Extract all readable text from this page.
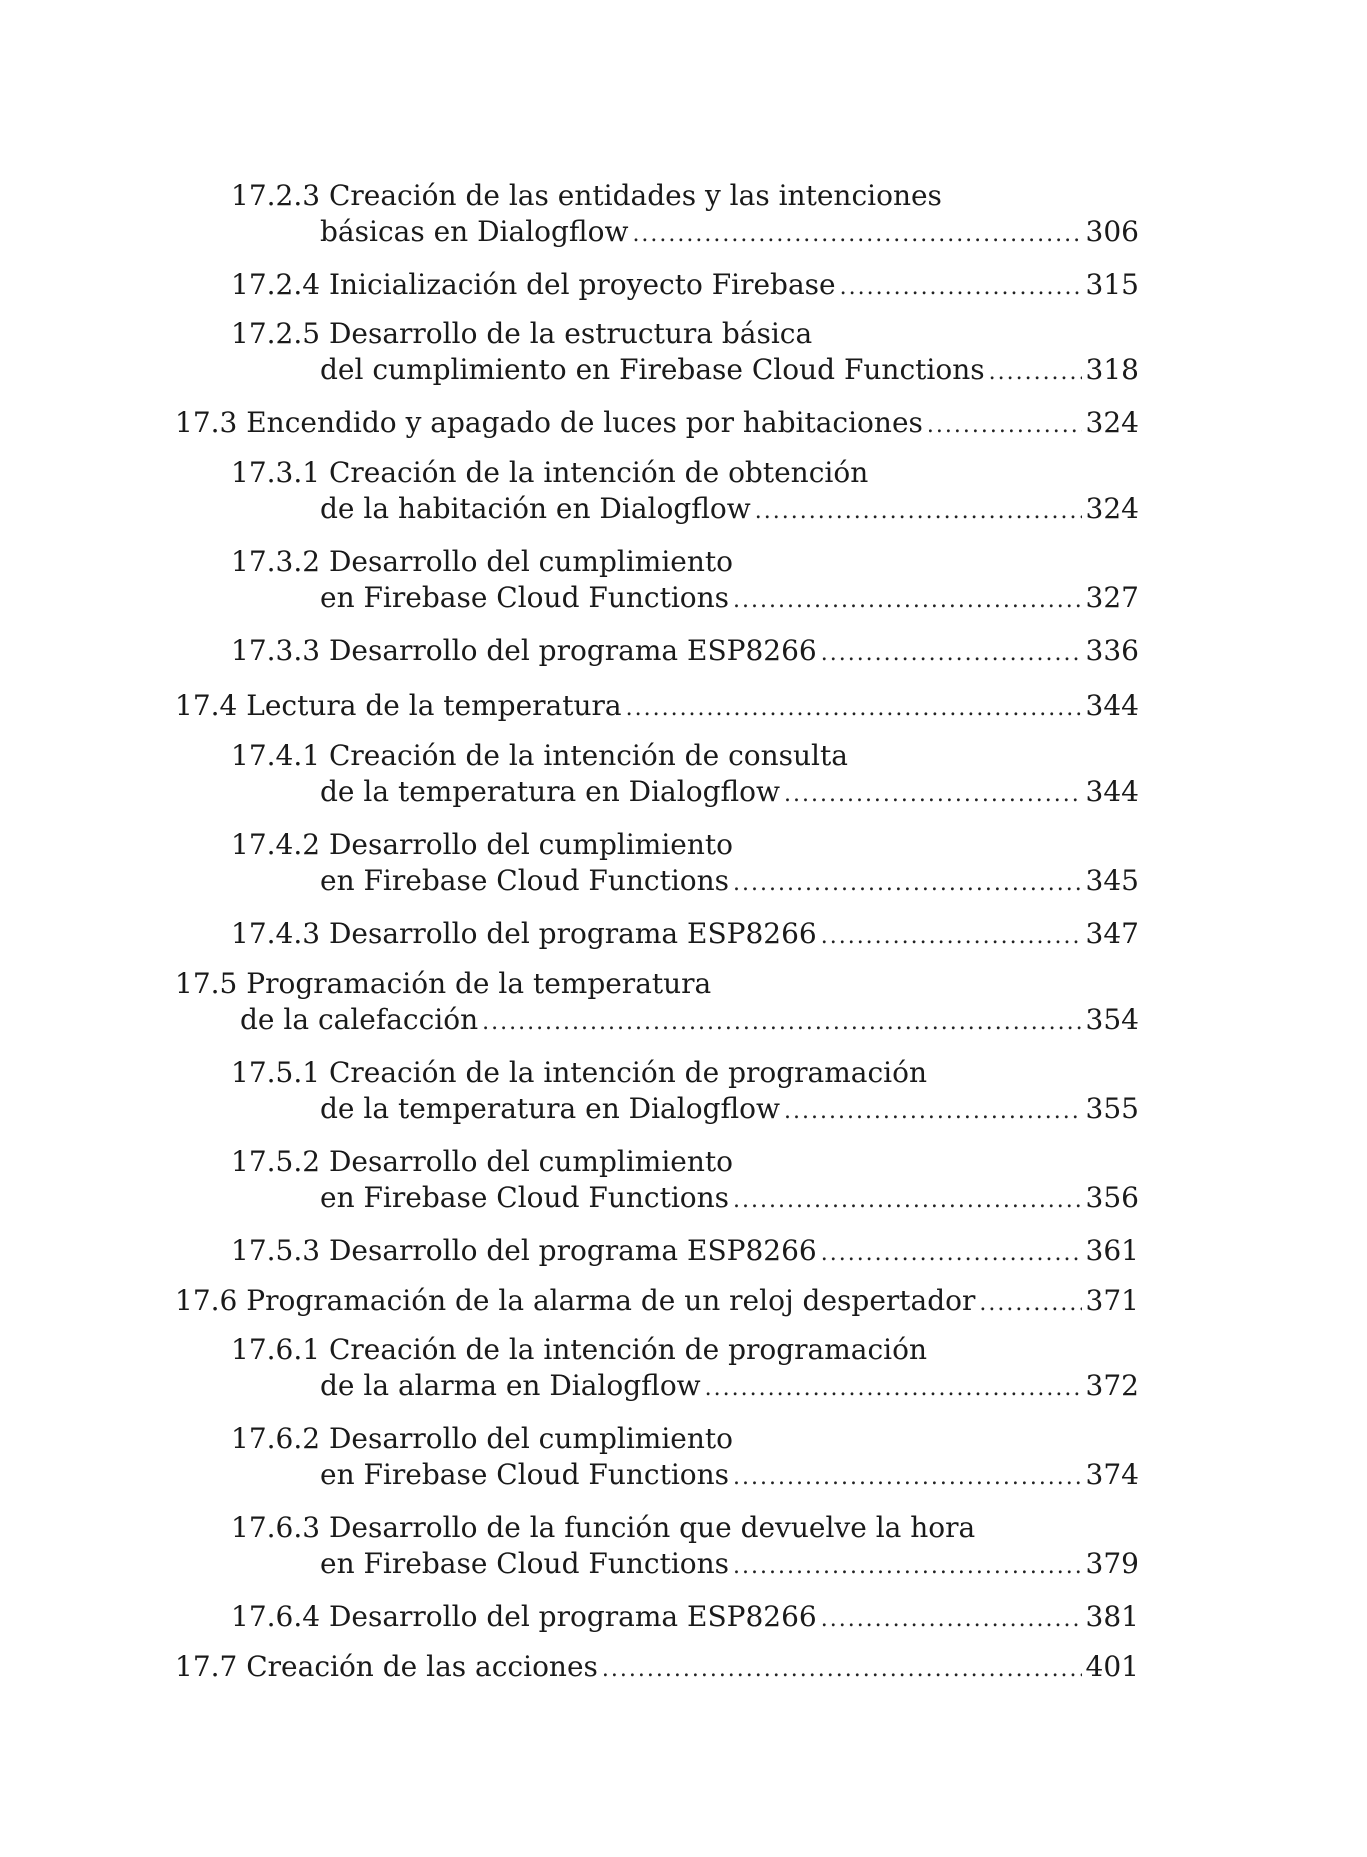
17.2.3 Creación de las entidades y las intenciones
básicas en Dialogflow .....	306
17.2.4 Inicialización del proyecto Firebase .....	315
17.2.5 Desarrollo de la estructura básica
del cumplimiento en Firebase Cloud Functions .....	318
17.3 Encendido y apagado de luces por habitaciones .....	324
17.3.1 Creación de la intención de obtención
de la habitación en Dialogflow .....	324
17.3.2 Desarrollo del cumplimiento
en Firebase Cloud Functions .....	327
17.3.3 Desarrollo del programa ESP8266 .....	336
17.4 Lectura de la temperatura .....	344
17.4.1 Creación de la intención de consulta
de la temperatura en Dialogflow .....	344
17.4.2 Desarrollo del cumplimiento
en Firebase Cloud Functions .....	345
17.4.3 Desarrollo del programa ESP8266 .....	347
17.5 Programación de la temperatura
de la calefacción .....	354
17.5.1 Creación de la intención de programación
de la temperatura en Dialogflow .....	355
17.5.2 Desarrollo del cumplimiento
en Firebase Cloud Functions .....	356
17.5.3 Desarrollo del programa ESP8266 .....	361
17.6 Programación de la alarma de un reloj despertador .....	371
17.6.1 Creación de la intención de programación
de la alarma en Dialogflow .....	372
17.6.2 Desarrollo del cumplimiento
en Firebase Cloud Functions .....	374
17.6.3 Desarrollo de la función que devuelve la hora
en Firebase Cloud Functions .....	379
17.6.4 Desarrollo del programa ESP8266 .....	381
17.7 Creación de las acciones .....	401
